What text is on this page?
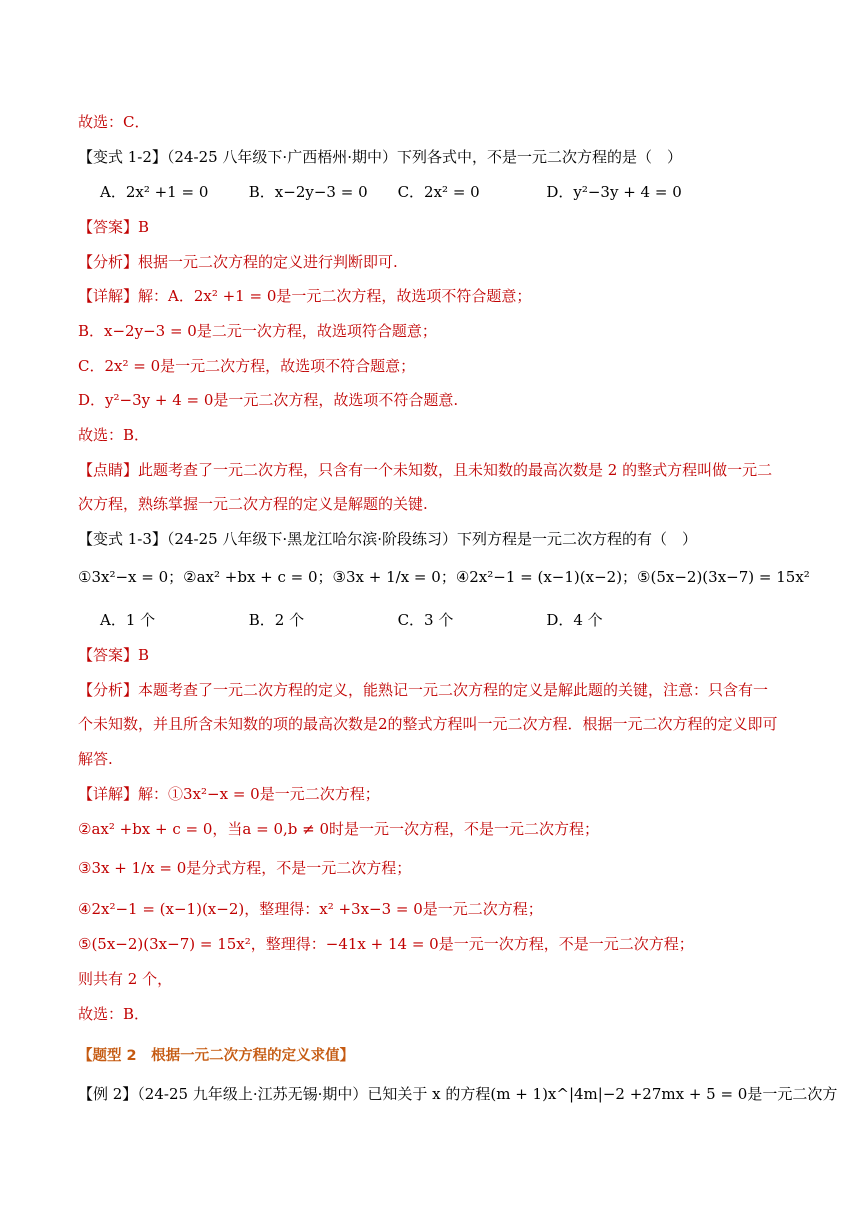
故选：C．
【变式 1-2】（24-25 八年级下·广西梧州·期中）下列各式中，不是一元二次方程的是（　）
A．2x² +1 = 0	B．x−2y−3 = 0 C．2x² = 0	D．y²−3y + 4 = 0
【答案】B
【分析】根据一元二次方程的定义进行判断即可.
【详解】解：A．2x² +1 = 0是一元二次方程，故选项不符合题意；
B．x−2y−3 = 0是二元一次方程，故选项符合题意；
C．2x² = 0是一元二次方程，故选项不符合题意；
D．y²−3y + 4 = 0是一元二次方程，故选项不符合题意.
故选：B．
【点睛】此题考查了一元二次方程，只含有一个未知数，且未知数的最高次数是 2 的整式方程叫做一元二
次方程，熟练掌握一元二次方程的定义是解题的关键.
【变式 1-3】（24-25 八年级下·黑龙江哈尔滨·阶段练习）下列方程是一元二次方程的有（　）
①3x²−x = 0；②ax² +bx + c = 0；③3x + 1/x = 0；④2x²−1 = (x−1)(x−2)；⑤(5x−2)(3x−7) = 15x²
A．1 个	B．2 个	C．3 个	D．4 个
【答案】B
【分析】本题考查了一元二次方程的定义，能熟记一元二次方程的定义是解此题的关键，注意：只含有一
个未知数，并且所含未知数的项的最高次数是2的整式方程叫一元二次方程．根据一元二次方程的定义即可
解答.
【详解】解：①3x²−x = 0是一元二次方程；
②ax² +bx + c = 0，当a = 0,b ≠ 0时是一元一次方程，不是一元二次方程；
③3x + 1/x = 0是分式方程，不是一元二次方程；
④2x²−1 = (x−1)(x−2)，整理得：x² +3x−3 = 0是一元二次方程；
⑤(5x−2)(3x−7) = 15x²，整理得：−41x + 14 = 0是一元一次方程，不是一元二次方程；
则共有 2 个，
故选：B．
【题型 2　根据一元二次方程的定义求值】
【例 2】（24-25 九年级上·江苏无锡·期中）已知关于 x 的方程(m + 1)x^|4m|−2 +27mx + 5 = 0是一元二次方
